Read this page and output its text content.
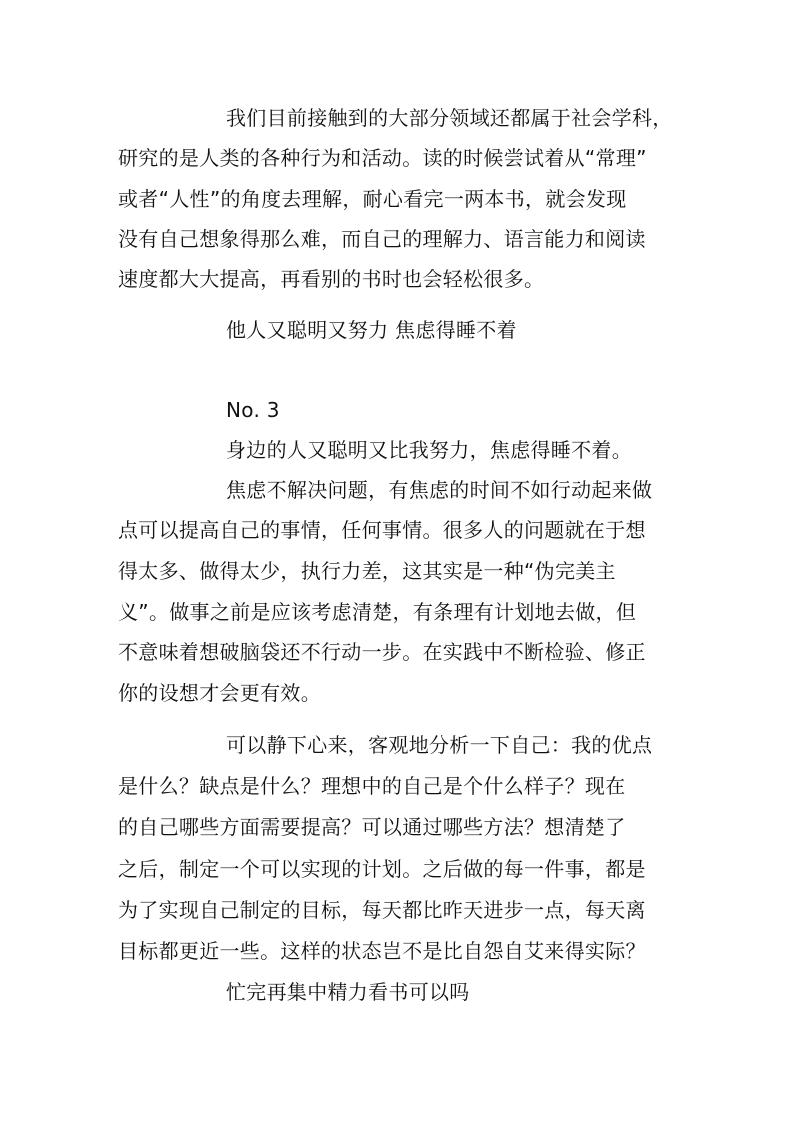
我们目前接触到的大部分领域还都属于社会学科，
研究的是人类的各种行为和活动。读的时候尝试着从“常理”
或者“人性”的角度去理解，耐心看完一两本书，就会发现
没有自己想象得那么难，而自己的理解力、语言能力和阅读
速度都大大提高，再看别的书时也会轻松很多。
他人又聪明又努力 焦虑得睡不着
No. 3
身边的人又聪明又比我努力，焦虑得睡不着。
焦虑不解决问题，有焦虑的时间不如行动起来做
点可以提高自己的事情，任何事情。很多人的问题就在于想
得太多、做得太少，执行力差，这其实是一种“伪完美主
义”。做事之前是应该考虑清楚，有条理有计划地去做，但
不意味着想破脑袋还不行动一步。在实践中不断检验、修正
你的设想才会更有效。
可以静下心来，客观地分析一下自己：我的优点
是什么？缺点是什么？理想中的自己是个什么样子？现在
的自己哪些方面需要提高？可以通过哪些方法？想清楚了
之后，制定一个可以实现的计划。之后做的每一件事，都是
为了实现自己制定的目标，每天都比昨天进步一点，每天离
目标都更近一些。这样的状态岂不是比自怨自艾来得实际？
忙完再集中精力看书可以吗
